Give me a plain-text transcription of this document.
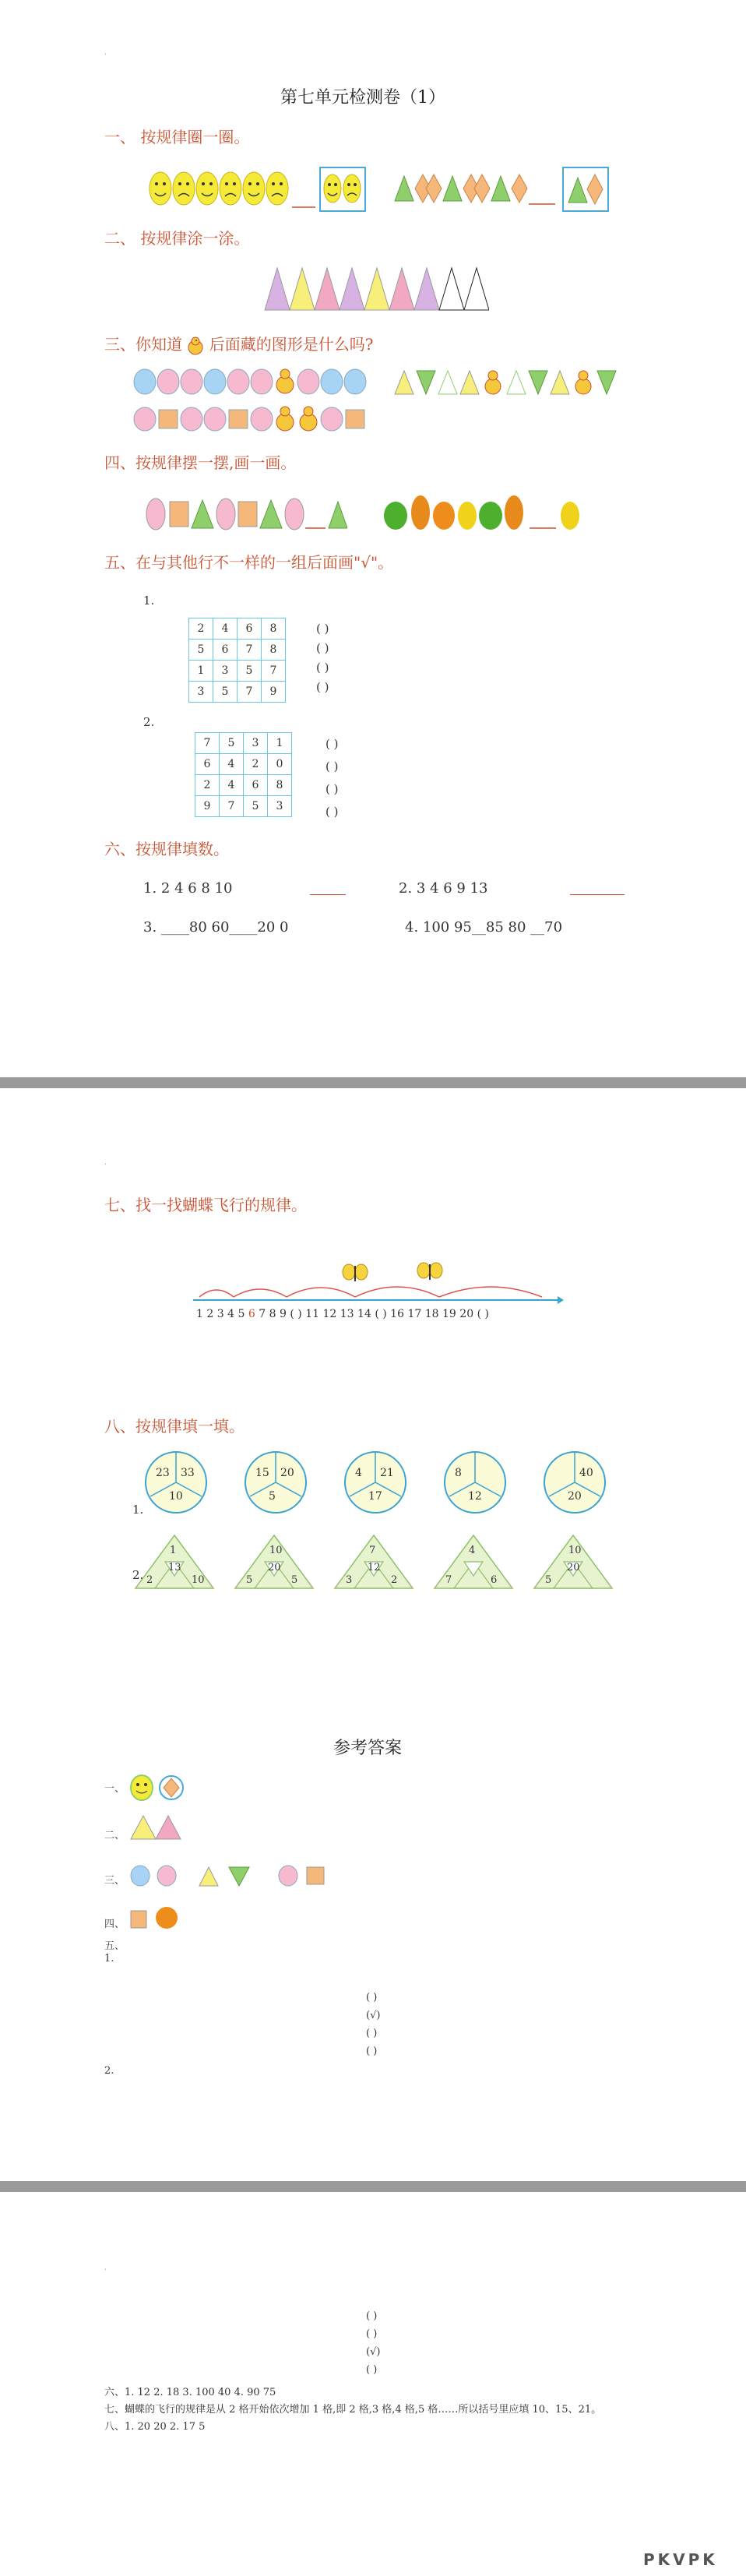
.
第七单元检测卷（1）
一、 按规律圈一圈。
二、 按规律涂一涂。
三、你知道 后面藏的图形是什么吗?
四、按规律摆一摆,画一画。
五、在与其他行不一样的一组后面画"√"。
1.
2	4	6	8
5	6	7	8
1	3	5	7
3	5	7	9
( )
( )
( )
( )
2.
7	5	3	1
6	4	2	0
2	4	6	8
9	7	5	3
( )
( )
( )
( )
六、按规律填数。
1. 2 4 6 8 10	2. 3 4 6 9 13
3. ____80 60____20 0	4. 100 95__85 80 __70
.
七、找一找蝴蝶飞行的规律。
1 2 3 4 5 6 7 8 9 ( ) 11 12 13 14 ( ) 16 17 18 19 20 ( )
八、按规律填一填。
1.
2.
23 33
10
15 20
5
4 21
17
8
12
40
20
1
13
2	10
10
20
5	5
7
12
3	2
4
7	6
10
20
5
参考答案
一、
二、
三、
四、
五、
1.
( )
(√)
( )
( )
2.
.
( )
( )
(√)
( )
六、1. 12 2. 18 3. 100 40 4. 90 75
七、蝴蝶的飞行的规律是从 2 格开始依次增加 1 格,即 2 格,3 格,4 格,5 格……所以括号里应填 10、15、21。
八、1. 20 20 2. 17 5
PKVPK
